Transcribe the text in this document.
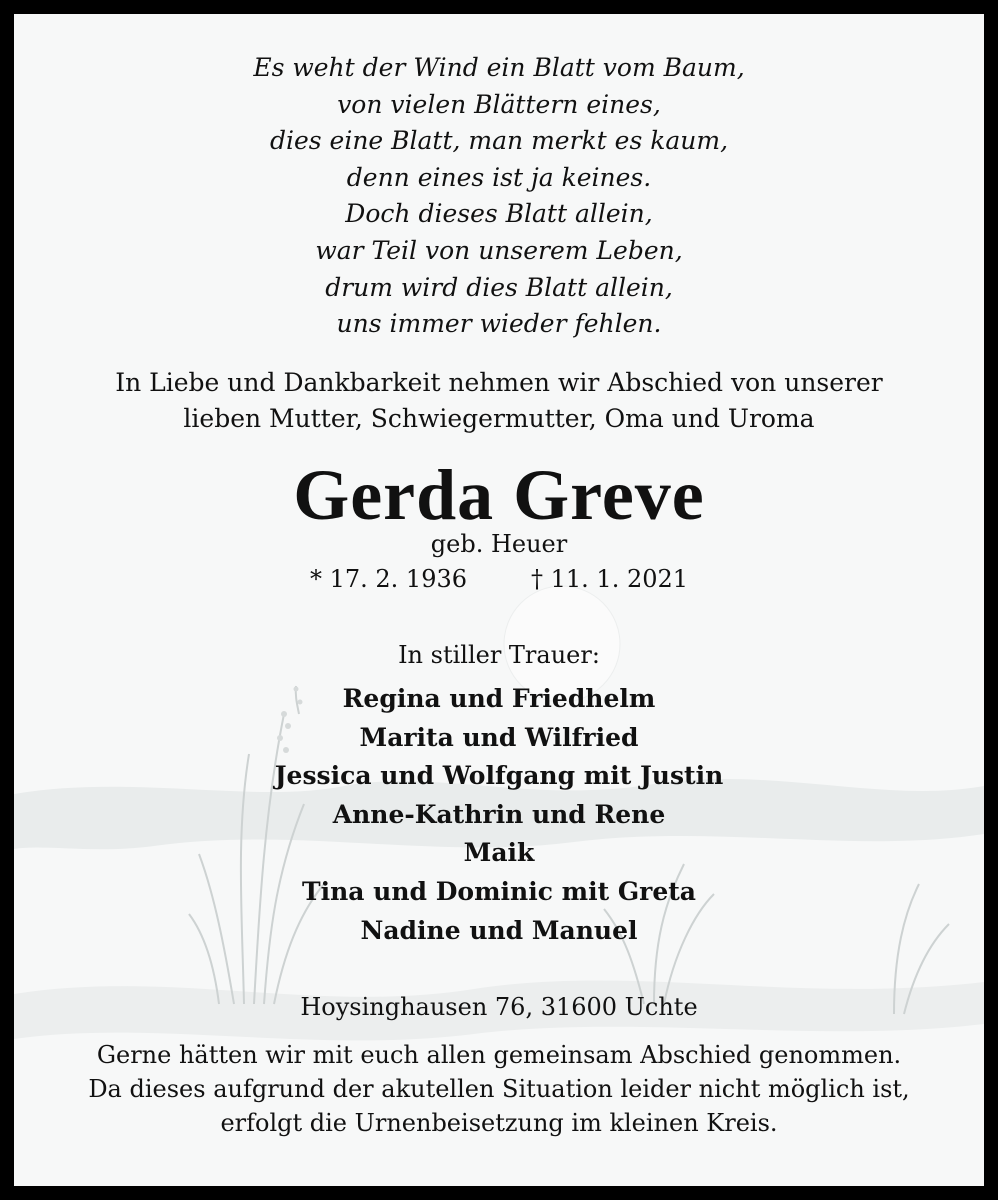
Es weht der Wind ein Blatt vom Baum,
von vielen Blättern eines,
dies eine Blatt, man merkt es kaum,
denn eines ist ja keines.
Doch dieses Blatt allein,
war Teil von unserem Leben,
drum wird dies Blatt allein,
uns immer wieder fehlen.
In Liebe und Dankbarkeit nehmen wir Abschied von unserer
lieben Mutter, Schwiegermutter, Oma und Uroma
Gerda Greve
geb. Heuer
* 17. 2. 1936	† 11. 1. 2021
In stiller Trauer:
Regina und Friedhelm
Marita und Wilfried
Jessica und Wolfgang mit Justin
Anne-Kathrin und Rene
Maik
Tina und Dominic mit Greta
Nadine und Manuel
Hoysinghausen 76, 31600 Uchte
Gerne hätten wir mit euch allen gemeinsam Abschied genommen.
Da dieses aufgrund der akutellen Situation leider nicht möglich ist,
erfolgt die Urnenbeisetzung im kleinen Kreis.
